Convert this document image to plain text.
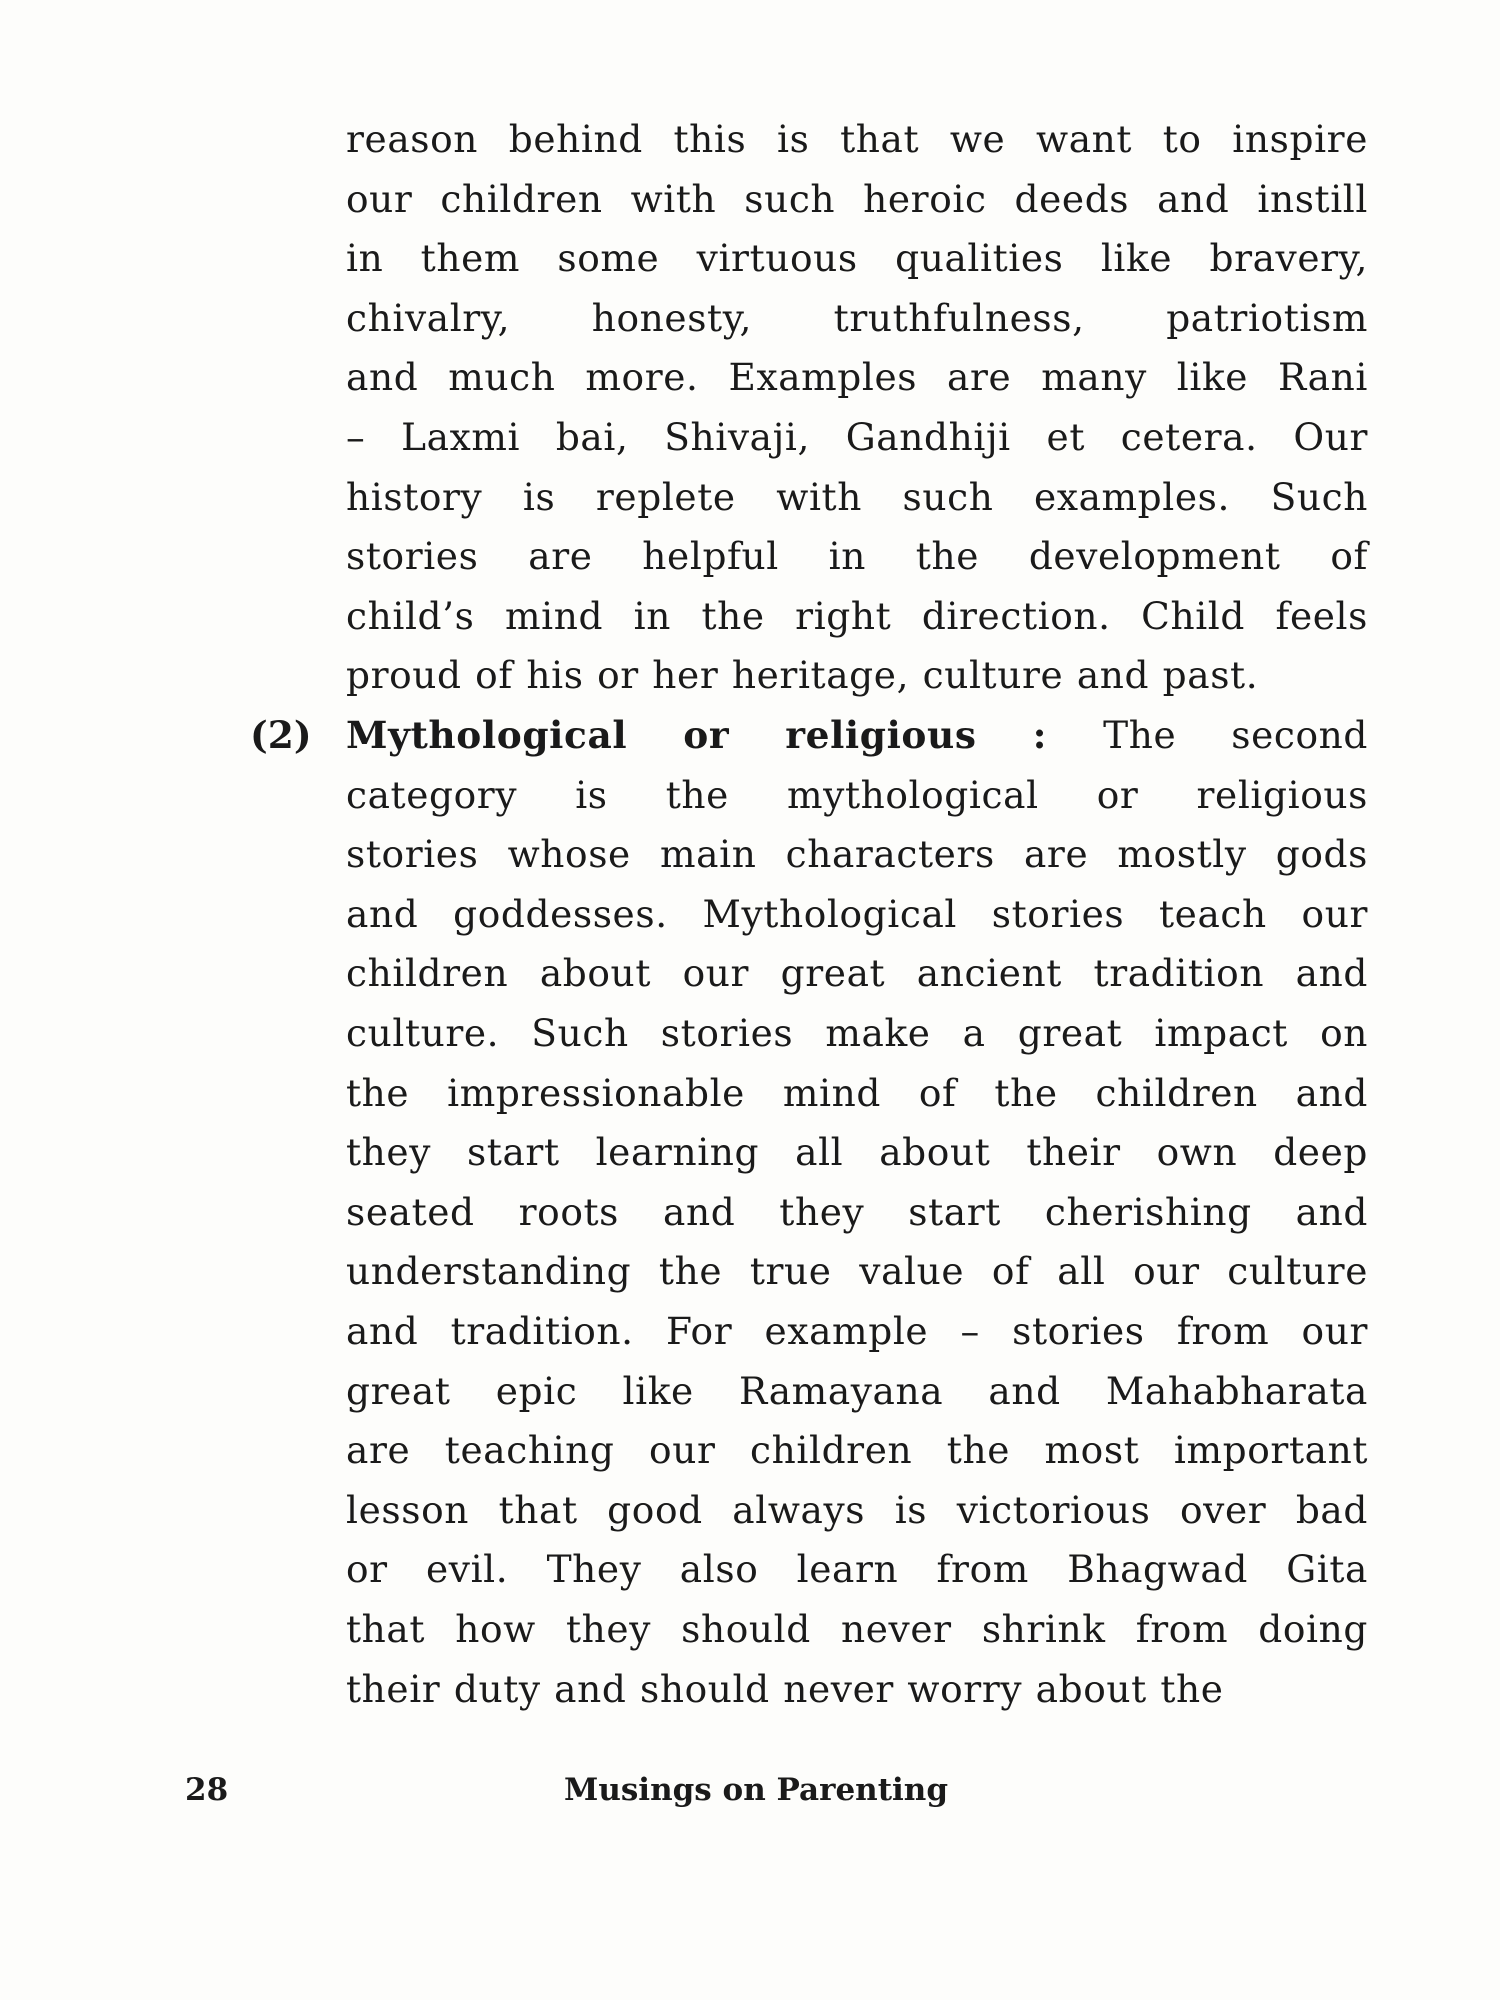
reason behind this is that we want to inspire
our children with such heroic deeds and instill
in them some virtuous qualities like bravery,
chivalry, honesty, truthfulness, patriotism
and much more. Examples are many like Rani
– Laxmi bai, Shivaji, Gandhiji et cetera. Our
history is replete with such examples. Such
stories are helpful in the development of
child’s mind in the right direction. Child feels
proud of his or her heritage, culture and past.
(2) Mythological or religious : The second
category is the mythological or religious
stories whose main characters are mostly gods
and goddesses. Mythological stories teach our
children about our great ancient tradition and
culture. Such stories make a great impact on
the impressionable mind of the children and
they start learning all about their own deep
seated roots and they start cherishing and
understanding the true value of all our culture
and tradition. For example – stories from our
great epic like Ramayana and Mahabharata
are teaching our children the most important
lesson that good always is victorious over bad
or evil. They also learn from Bhagwad Gita
that how they should never shrink from doing
their duty and should never worry about the
28	Musings on Parenting
